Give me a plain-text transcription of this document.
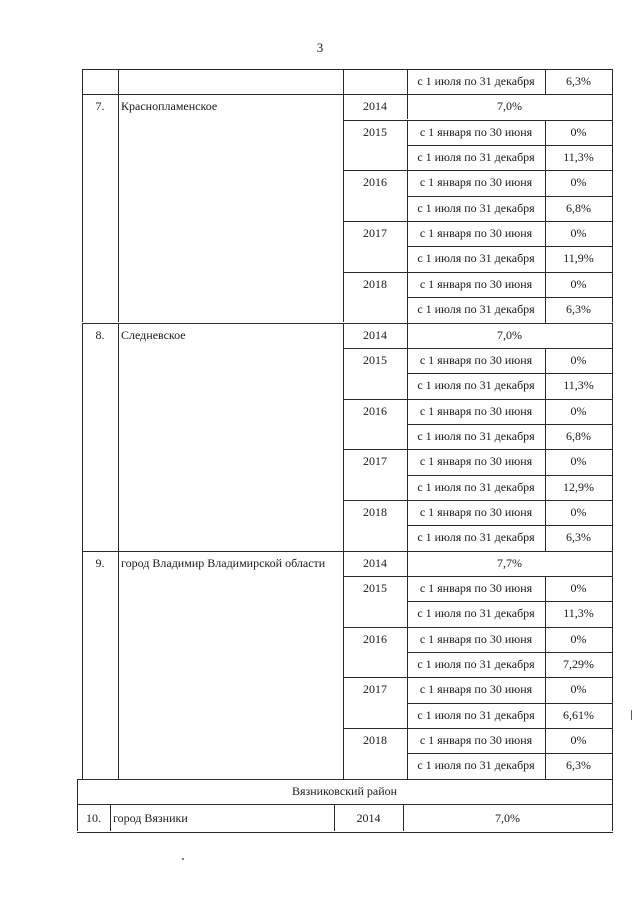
3
с 1 июля по 31 декабря	6,3%
7.	Краснопламенское	2014	7,0%
2015	с 1 января по 30 июня	0%
с 1 июля по 31 декабря	11,3%
2016	с 1 января по 30 июня	0%
с 1 июля по 31 декабря	6,8%
2017	с 1 января по 30 июня	0%
с 1 июля по 31 декабря	11,9%
2018	с 1 января по 30 июня	0%
с 1 июля по 31 декабря	6,3%
8.	Следневское	2014	7,0%
2015	с 1 января по 30 июня	0%
с 1 июля по 31 декабря	11,3%
2016	с 1 января по 30 июня	0%
с 1 июля по 31 декабря	6,8%
2017	с 1 января по 30 июня	0%
с 1 июля по 31 декабря	12,9%
2018	с 1 января по 30 июня	0%
с 1 июля по 31 декабря	6,3%
9.	город Владимир Владимирской области	2014	7,7%
2015	с 1 января по 30 июня	0%
с 1 июля по 31 декабря	11,3%
2016	с 1 января по 30 июня	0%
с 1 июля по 31 декабря	7,29%
2017	с 1 января по 30 июня	0%
с 1 июля по 31 декабря	6,61%
2018	с 1 января по 30 июня	0%
с 1 июля по 31 декабря	6,3%
Вязниковский район
10.	город Вязники	2014	7,0%
